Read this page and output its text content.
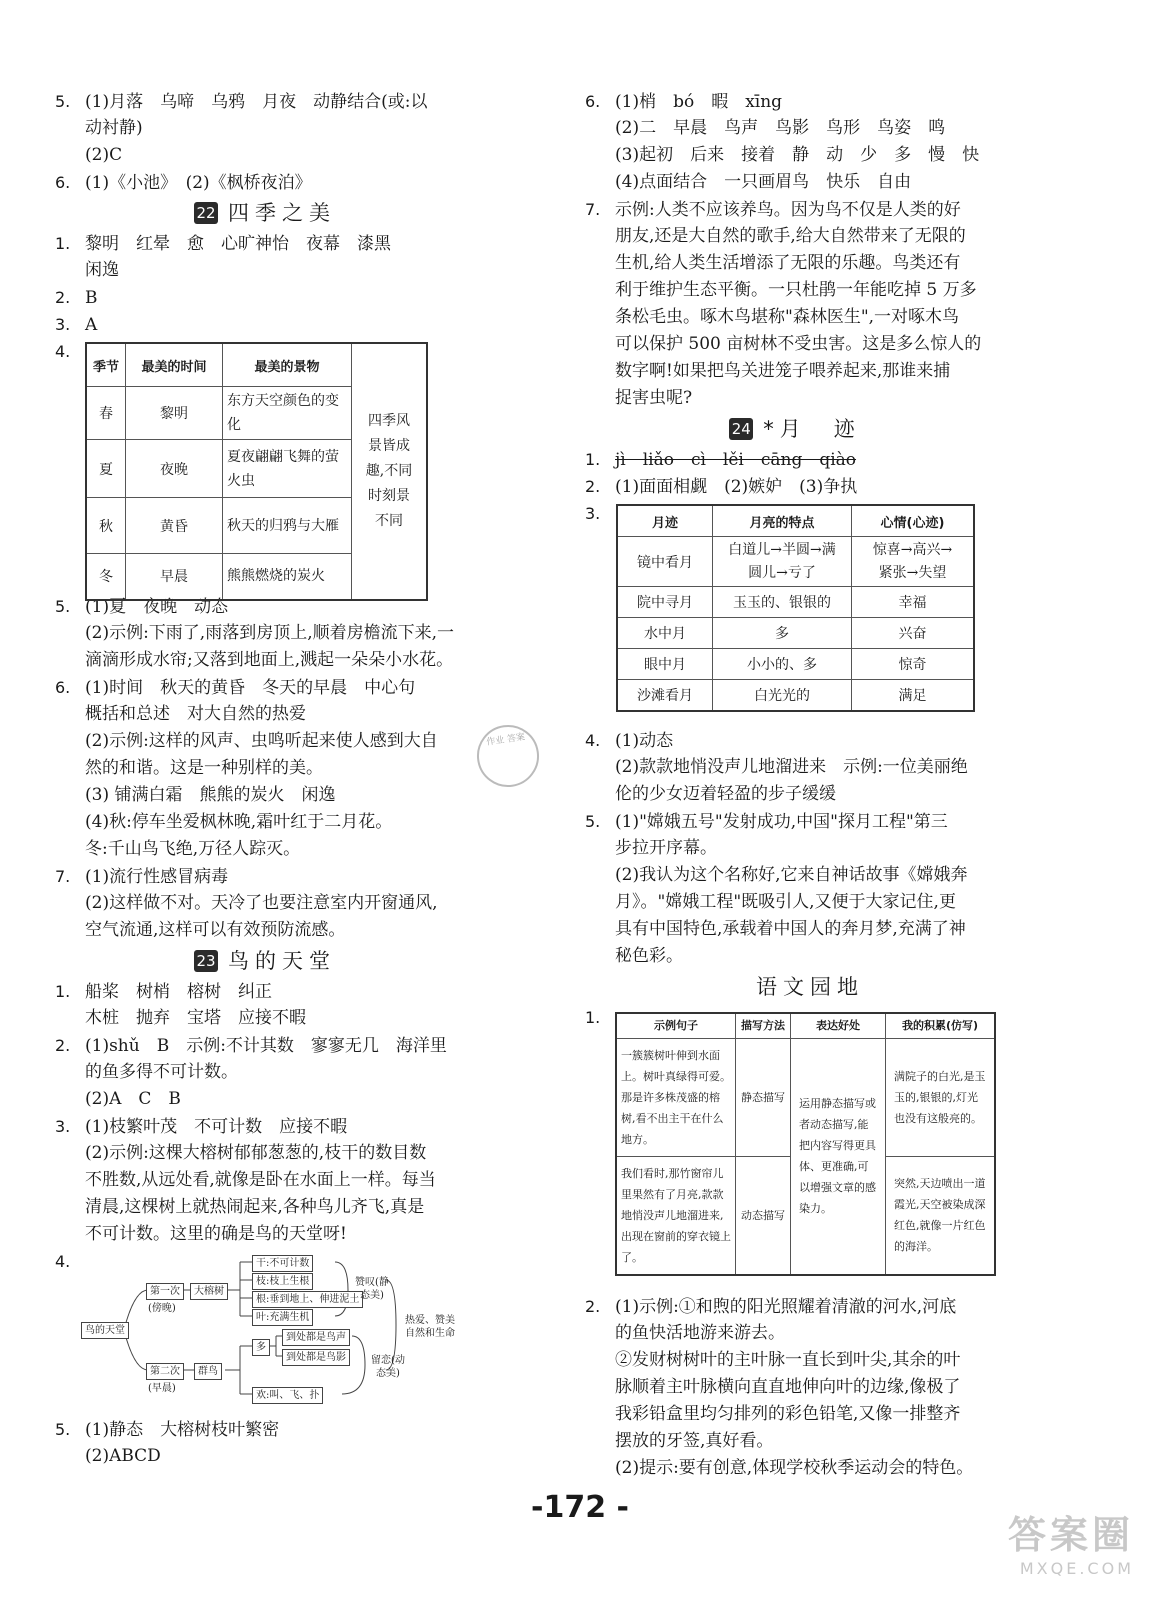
5. (1)月落　乌啼　乌鸦　月夜　动静结合(或:以
动衬静)
(2)C
6. (1)《小池》　(2)《枫桥夜泊》
22 四季之美
1. 黎明　红晕　愈　心旷神怡　夜幕　漆黑
闲逸
2. B
3. A
4.
5. (1)夏　夜晚　动态
(2)示例:下雨了,雨落到房顶上,顺着房檐流下来,一
滴滴形成水帘;又落到地面上,溅起一朵朵小水花。
6. (1)时间　秋天的黄昏　冬天的早晨　中心句
概括和总述　对大自然的热爱
(2)示例:这样的风声、虫鸣听起来使人感到大自
然的和谐。这是一种别样的美。
(3) 铺满白霜　熊熊的炭火　闲逸
(4)秋:停车坐爱枫林晚,霜叶红于二月花。
冬:千山鸟飞绝,万径人踪灭。
7. (1)流行性感冒病毒
(2)这样做不对。天冷了也要注意室内开窗通风,
空气流通,这样可以有效预防流感。
23 鸟的天堂
1. 船桨　树梢　榕树　纠正
木桩　抛弃　宝塔　应接不暇
2. (1)shǔ　B　示例:不计其数　寥寥无几　海洋里
的鱼多得不可计数。
(2)A　C　B
3. (1)枝繁叶茂　不可计数　应接不暇
(2)示例:这棵大榕树郁郁葱葱的,枝干的数目数
不胜数,从远处看,就像是卧在水面上一样。每当
清晨,这棵树上就热闹起来,各种鸟儿齐飞,真是
不可计数。这里的确是鸟的天堂呀!
4.
5. (1)静态　大榕树枝叶繁密
(2)ABCD
季节	最美的时间	最美的景物	四季风景皆成趣,不同时刻景不同
春	黎明	东方天空颜色的变化	
夏	夜晚	夏夜翩翩飞舞的萤火虫	
秋	黄昏	秋天的归鸦与大雁	
冬	早晨	熊熊燃烧的炭火	
鸟的天堂
第一次
(傍晚)
大榕树
干:不可计数
枝:枝上生根
根:垂到地上、伸进泥土
叶:充满生机
赞叹(静态美)
第二次
(早晨)
群鸟
多
到处都是鸟声
到处都是鸟影
欢:叫、飞、扑
留恋(动态美)
热爱、赞美自然和生命
6. (1)梢　bó　暇　xīng
(2)二　早晨　鸟声　鸟影　鸟形　鸟姿　鸣
(3)起初　后来　接着　静　动　少　多　慢　快
(4)点面结合　一只画眉鸟　快乐　自由
7. 示例:人类不应该养鸟。因为鸟不仅是人类的好
朋友,还是大自然的歌手,给大自然带来了无限的
生机,给人类生活增添了无限的乐趣。鸟类还有
利于维护生态平衡。一只杜鹃一年能吃掉 5 万多
条松毛虫。啄木鸟堪称"森林医生",一对啄木鸟
可以保护 500 亩树林不受虫害。这是多么惊人的
数字啊!如果把鸟关进笼子喂养起来,那谁来捕
捉害虫呢?
24 *月　迹
1. jì　liǎo　cì　lěi　cāng　qiào
2. (1)面面相觑　(2)嫉妒　(3)争执
3.
4. (1)动态
(2)款款地悄没声儿地溜进来　示例:一位美丽绝
伦的少女迈着轻盈的步子缓缓
5. (1)"嫦娥五号"发射成功,中国"探月工程"第三
步拉开序幕。
(2)我认为这个名称好,它来自神话故事《嫦娥奔
月》。"嫦娥工程"既吸引人,又便于大家记住,更
具有中国特色,承载着中国人的奔月梦,充满了神
秘色彩。
语文园地
1.
2. (1)示例:①和煦的阳光照耀着清澈的河水,河底
的鱼快活地游来游去。
②发财树树叶的主叶脉一直长到叶尖,其余的叶
脉顺着主叶脉横向直直地伸向叶的边缘,像极了
我彩铅盒里均匀排列的彩色铅笔,又像一排整齐
摆放的牙签,真好看。
(2)提示:要有创意,体现学校秋季运动会的特色。
月迹	月亮的特点	心情(心迹)
镜中看月	白道儿→半圆→满圆儿→亏了	惊喜→高兴→紧张→失望
院中寻月	玉玉的、银银的	幸福
水中月	多	兴奋
眼中月	小小的、多	惊奇
沙滩看月	白光光的	满足
示例句子	描写方法	表达好处	我的积累(仿写)
一簇簇树叶伸到水面上。树叶真绿得可爱。那是许多株茂盛的榕树,看不出主干在什么地方。	静态描写	运用静态描写或者动态描写,能把内容写得更具体、更准确,可以增强文章的感染力。	满院子的白光,是玉玉的,银银的,灯光也没有这般亮的。
我们看时,那竹窗帘儿里果然有了月亮,款款地悄没声儿地溜进来,出现在窗前的穿衣镜上了。	动态描写		突然,天边喷出一道霞光,天空被染成深红色,就像一片红色的海洋。
作业 答案
-172 -
答案圈
MXQE.COM
